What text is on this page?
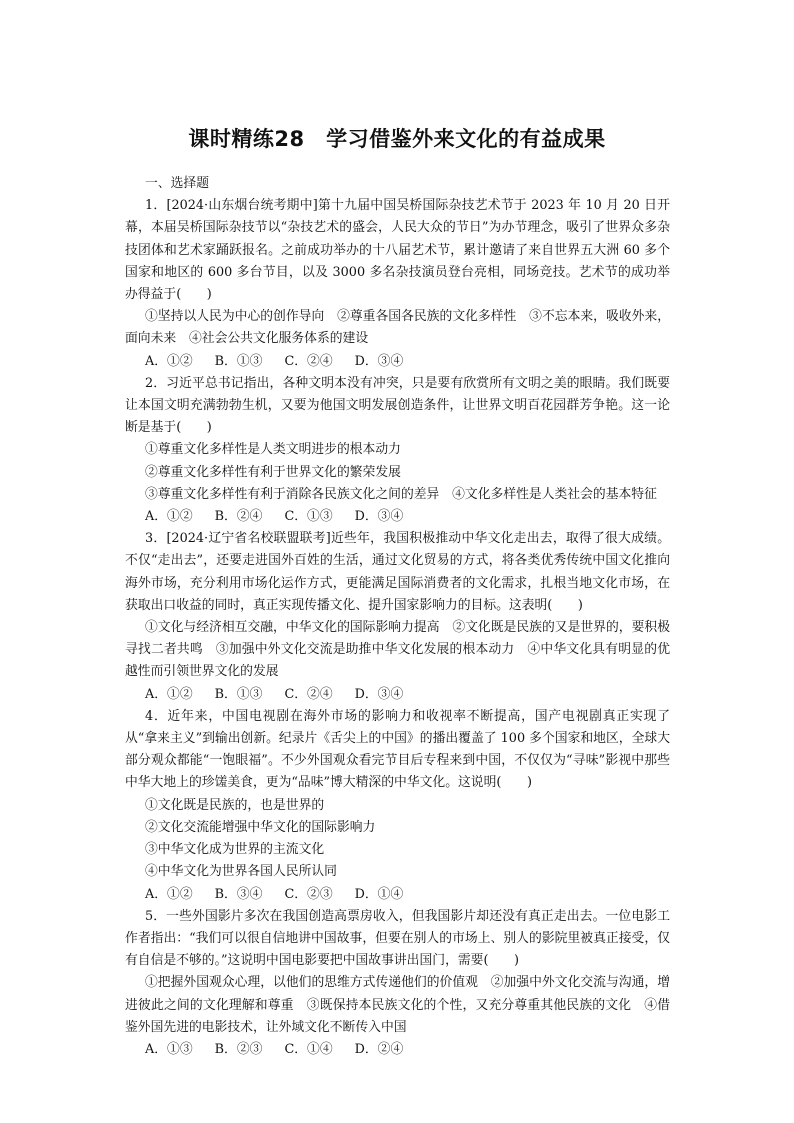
课时精练28　学习借鉴外来文化的有益成果

一、选择题

1．[2024·山东烟台统考期中]第十九届中国吴桥国际杂技艺术节于 2023 年 10 月 20 日开幕，本届吴桥国际杂技节以“杂技艺术的盛会，人民大众的节日”为办节理念，吸引了世界众多杂技团体和艺术家踊跃报名。之前成功举办的十八届艺术节，累计邀请了来自世界五大洲 60 多个国家和地区的 600 多台节目，以及 3000 多名杂技演员登台亮相，同场竞技。艺术节的成功举办得益于(　　)

①坚持以人民为中心的创作导向　②尊重各国各民族的文化多样性　③不忘本来，吸收外来，面向未来　④社会公共文化服务体系的建设

A．①② B．①③ C．②④ D．③④

2．习近平总书记指出，各种文明本没有冲突，只是要有欣赏所有文明之美的眼睛。我们既要让本国文明充满勃勃生机，又要为他国文明发展创造条件，让世界文明百花园群芳争艳。这一论断是基于(　　)

①尊重文化多样性是人类文明进步的根本动力

②尊重文化多样性有利于世界文化的繁荣发展

③尊重文化多样性有利于消除各民族文化之间的差异　④文化多样性是人类社会的基本特征

A．①② B．②④ C．①③ D．③④

3．[2024·辽宁省名校联盟联考]近些年，我国积极推动中华文化走出去，取得了很大成绩。不仅“走出去”，还要走进国外百姓的生活，通过文化贸易的方式，将各类优秀传统中国文化推向海外市场，充分利用市场化运作方式，更能满足国际消费者的文化需求，扎根当地文化市场，在获取出口收益的同时，真正实现传播文化、提升国家影响力的目标。这表明(　　)

①文化与经济相互交融，中华文化的国际影响力提高　②文化既是民族的又是世界的，要积极寻找二者共鸣　③加强中外文化交流是助推中华文化发展的根本动力　④中华文化具有明显的优越性而引领世界文化的发展

A．①② B．①③ C．②④ D．③④

4．近年来，中国电视剧在海外市场的影响力和收视率不断提高，国产电视剧真正实现了从“拿来主义”到输出创新。纪录片《舌尖上的中国》的播出覆盖了 100 多个国家和地区，全球大部分观众都能“一饱眼福”。不少外国观众看完节目后专程来到中国，不仅仅为“寻味”影视中那些中华大地上的珍馐美食，更为“品味”博大精深的中华文化。这说明(　　)

①文化既是民族的，也是世界的

②文化交流能增强中华文化的国际影响力

③中华文化成为世界的主流文化

④中华文化为世界各国人民所认同

A．①② B．③④ C．②③ D．①④

5．一些外国影片多次在我国创造高票房收入，但我国影片却还没有真正走出去。一位电影工作者指出：“我们可以很自信地讲中国故事，但要在别人的市场上、别人的影院里被真正接受，仅有自信是不够的。”这说明中国电影要把中国故事讲出国门，需要(　　)

①把握外国观众心理，以他们的思维方式传递他们的价值观　②加强中外文化交流与沟通，增进彼此之间的文化理解和尊重　③既保持本民族文化的个性，又充分尊重其他民族的文化　④借鉴外国先进的电影技术，让外域文化不断传入中国

A．①③ B．②③ C．①④ D．②④
